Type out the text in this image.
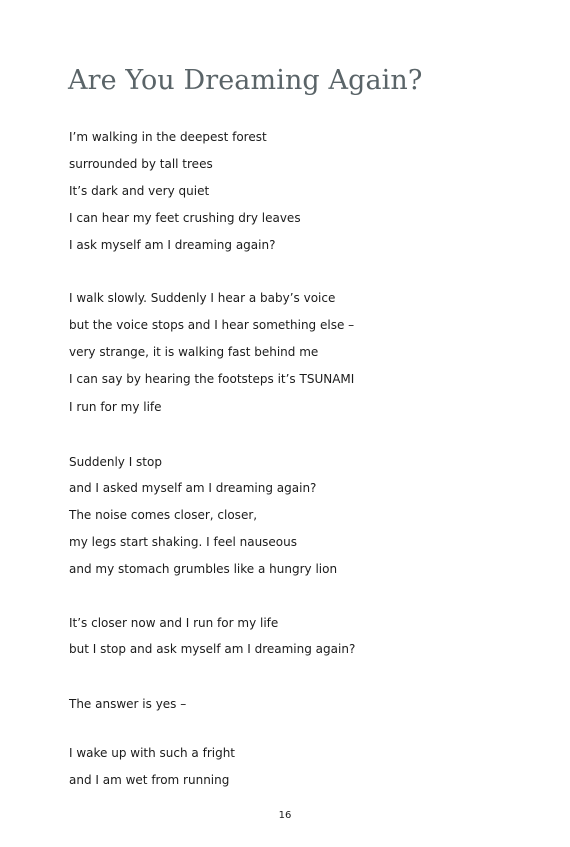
Are You Dreaming Again?

I’m walking in the deepest forest

surrounded by tall trees

It’s dark and very quiet

I can hear my feet crushing dry leaves

I ask myself am I dreaming again?

I walk slowly. Suddenly I hear a baby’s voice

but the voice stops and I hear something else –

very strange, it is walking fast behind me

I can say by hearing the footsteps it’s TSUNAMI

I run for my life

Suddenly I stop

and I asked myself am I dreaming again?

The noise comes closer, closer,

my legs start shaking. I feel nauseous

and my stomach grumbles like a hungry lion

It’s closer now and I run for my life

but I stop and ask myself am I dreaming again?

The answer is yes –

I wake up with such a fright

and I am wet from running

16
